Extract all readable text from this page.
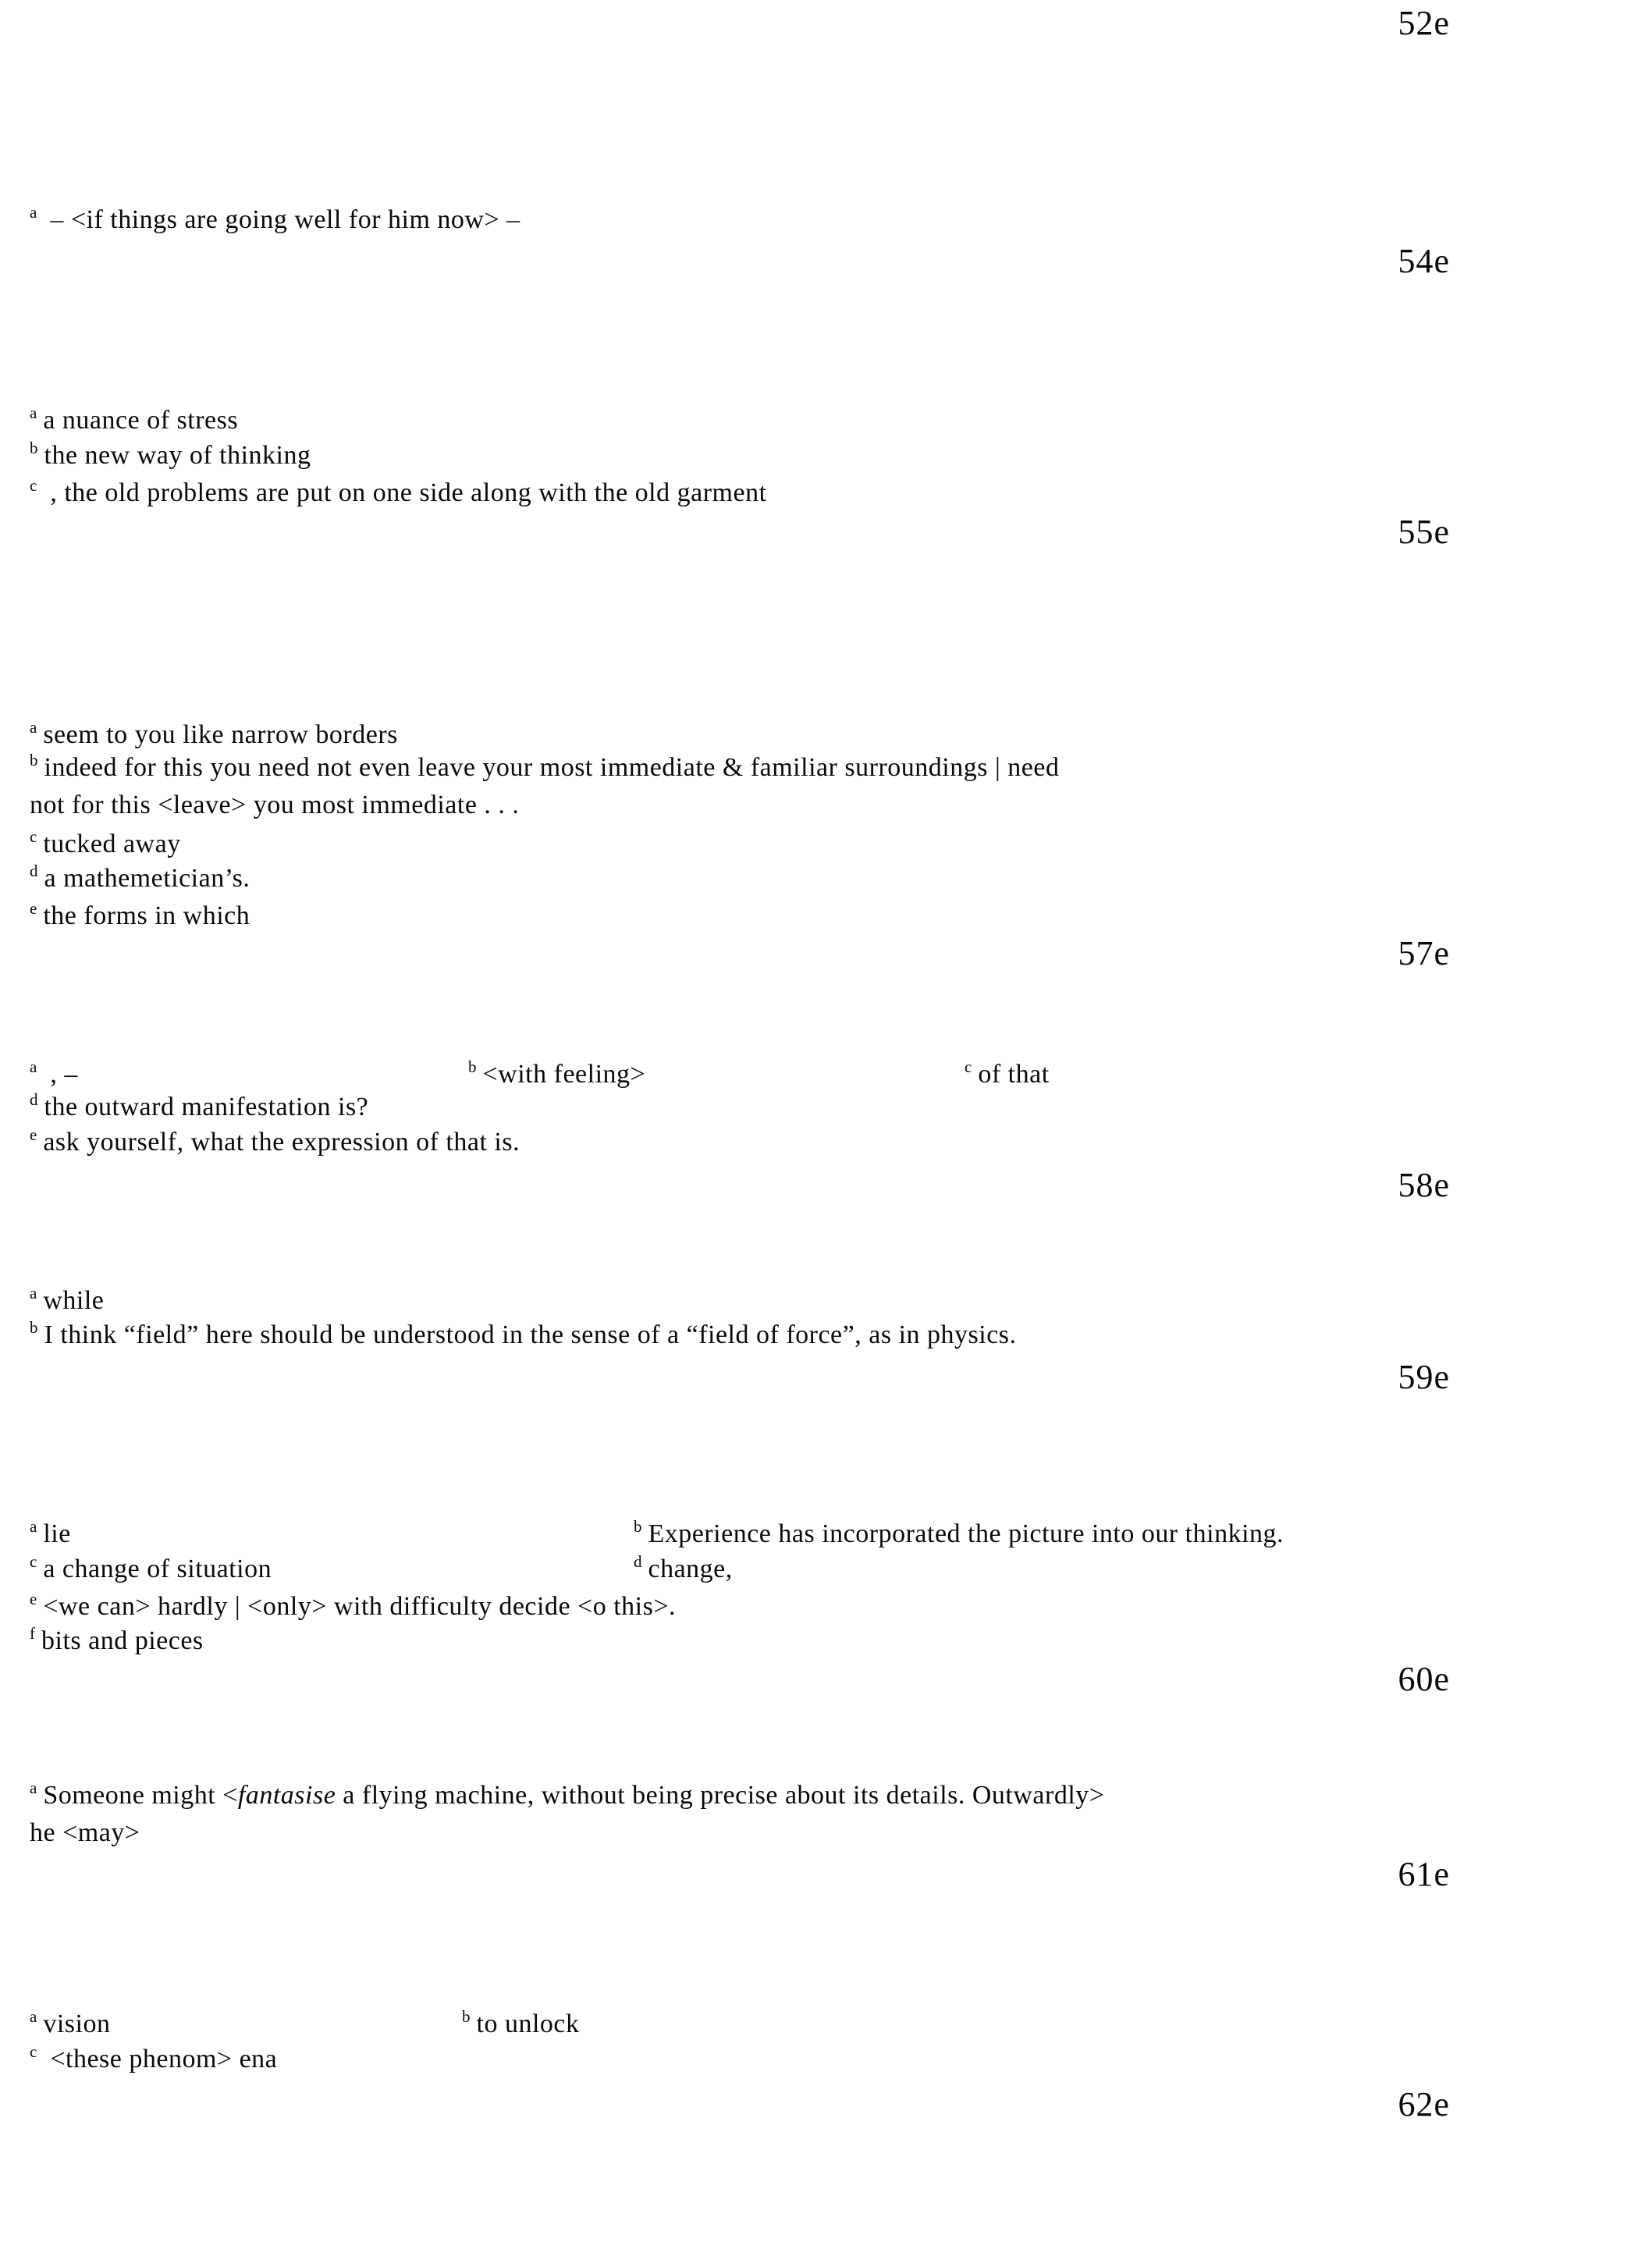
52e
54e
55e
57e
58e
59e
60e
61e
62e
$^a$ – <if things are going well for him now> –
$^a$ a nuance of stress
$^b$ the new way of thinking
$^c$ , the old problems are put on one side along with the old garment
$^a$ seem to you like narrow borders
$^b$ indeed for this you need not even leave your most immediate & familiar surroundings | need
not for this <leave> you most immediate . . .
$^c$ tucked away
$^d$ a mathemetician’s.
$^e$ the forms in which
$^a$ , –	$^b$ <with feeling>	$^c$ of that
$^d$ the outward manifestation is?
$^e$ ask yourself, what the expression of that is.
$^a$ while
$^b$ I think “field” here should be understood in the sense of a “field of force”, as in physics.
$^a$ lie	$^b$ Experience has incorporated the picture into our thinking.
$^c$ a change of situation	$^d$ change,
$^e$ <we can> hardly | <only> with difficulty decide <o this>.
$^f$ bits and pieces
$^a$ Someone might <fantasise a flying machine, without being precise about its details. Outwardly>
he <may>
$^a$ vision	$^b$ to unlock
$^c$ <these phenom> ena
